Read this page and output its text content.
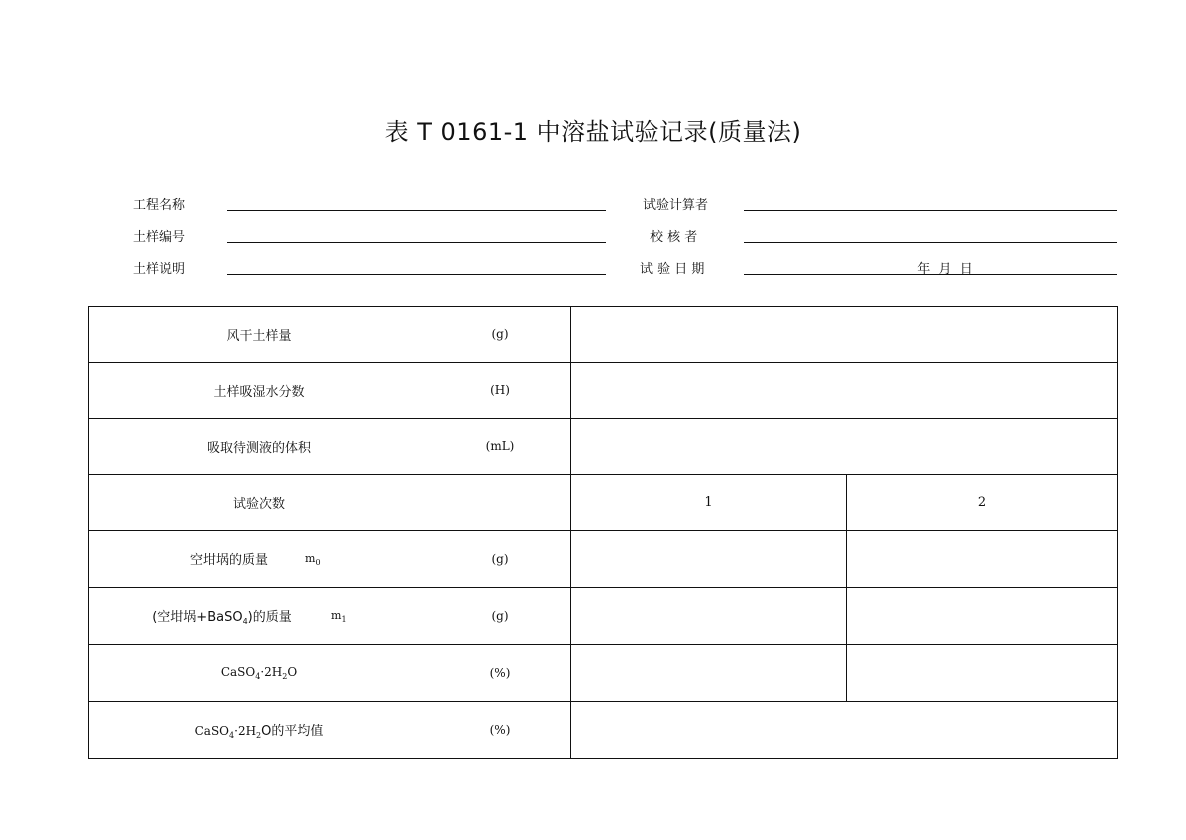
表 T 0161-1 中溶盐试验记录(质量法)
工程名称
土样编号
土样说明
试验计算者
校 核 者
试 验 日 期	年  月  日
风干土样量	(g)
土样吸湿水分数	(H)
吸取待测液的体积	(mL)
试验次数	1	2
空坩埚的质量	$m_0$	(g)
(空坩埚+BaSO$_4$)的质量	$m_1$	(g)
$CaSO_4\cdot 2H_2O$	(%)
$CaSO_4\cdot 2H_2O$的平均值	(%)
